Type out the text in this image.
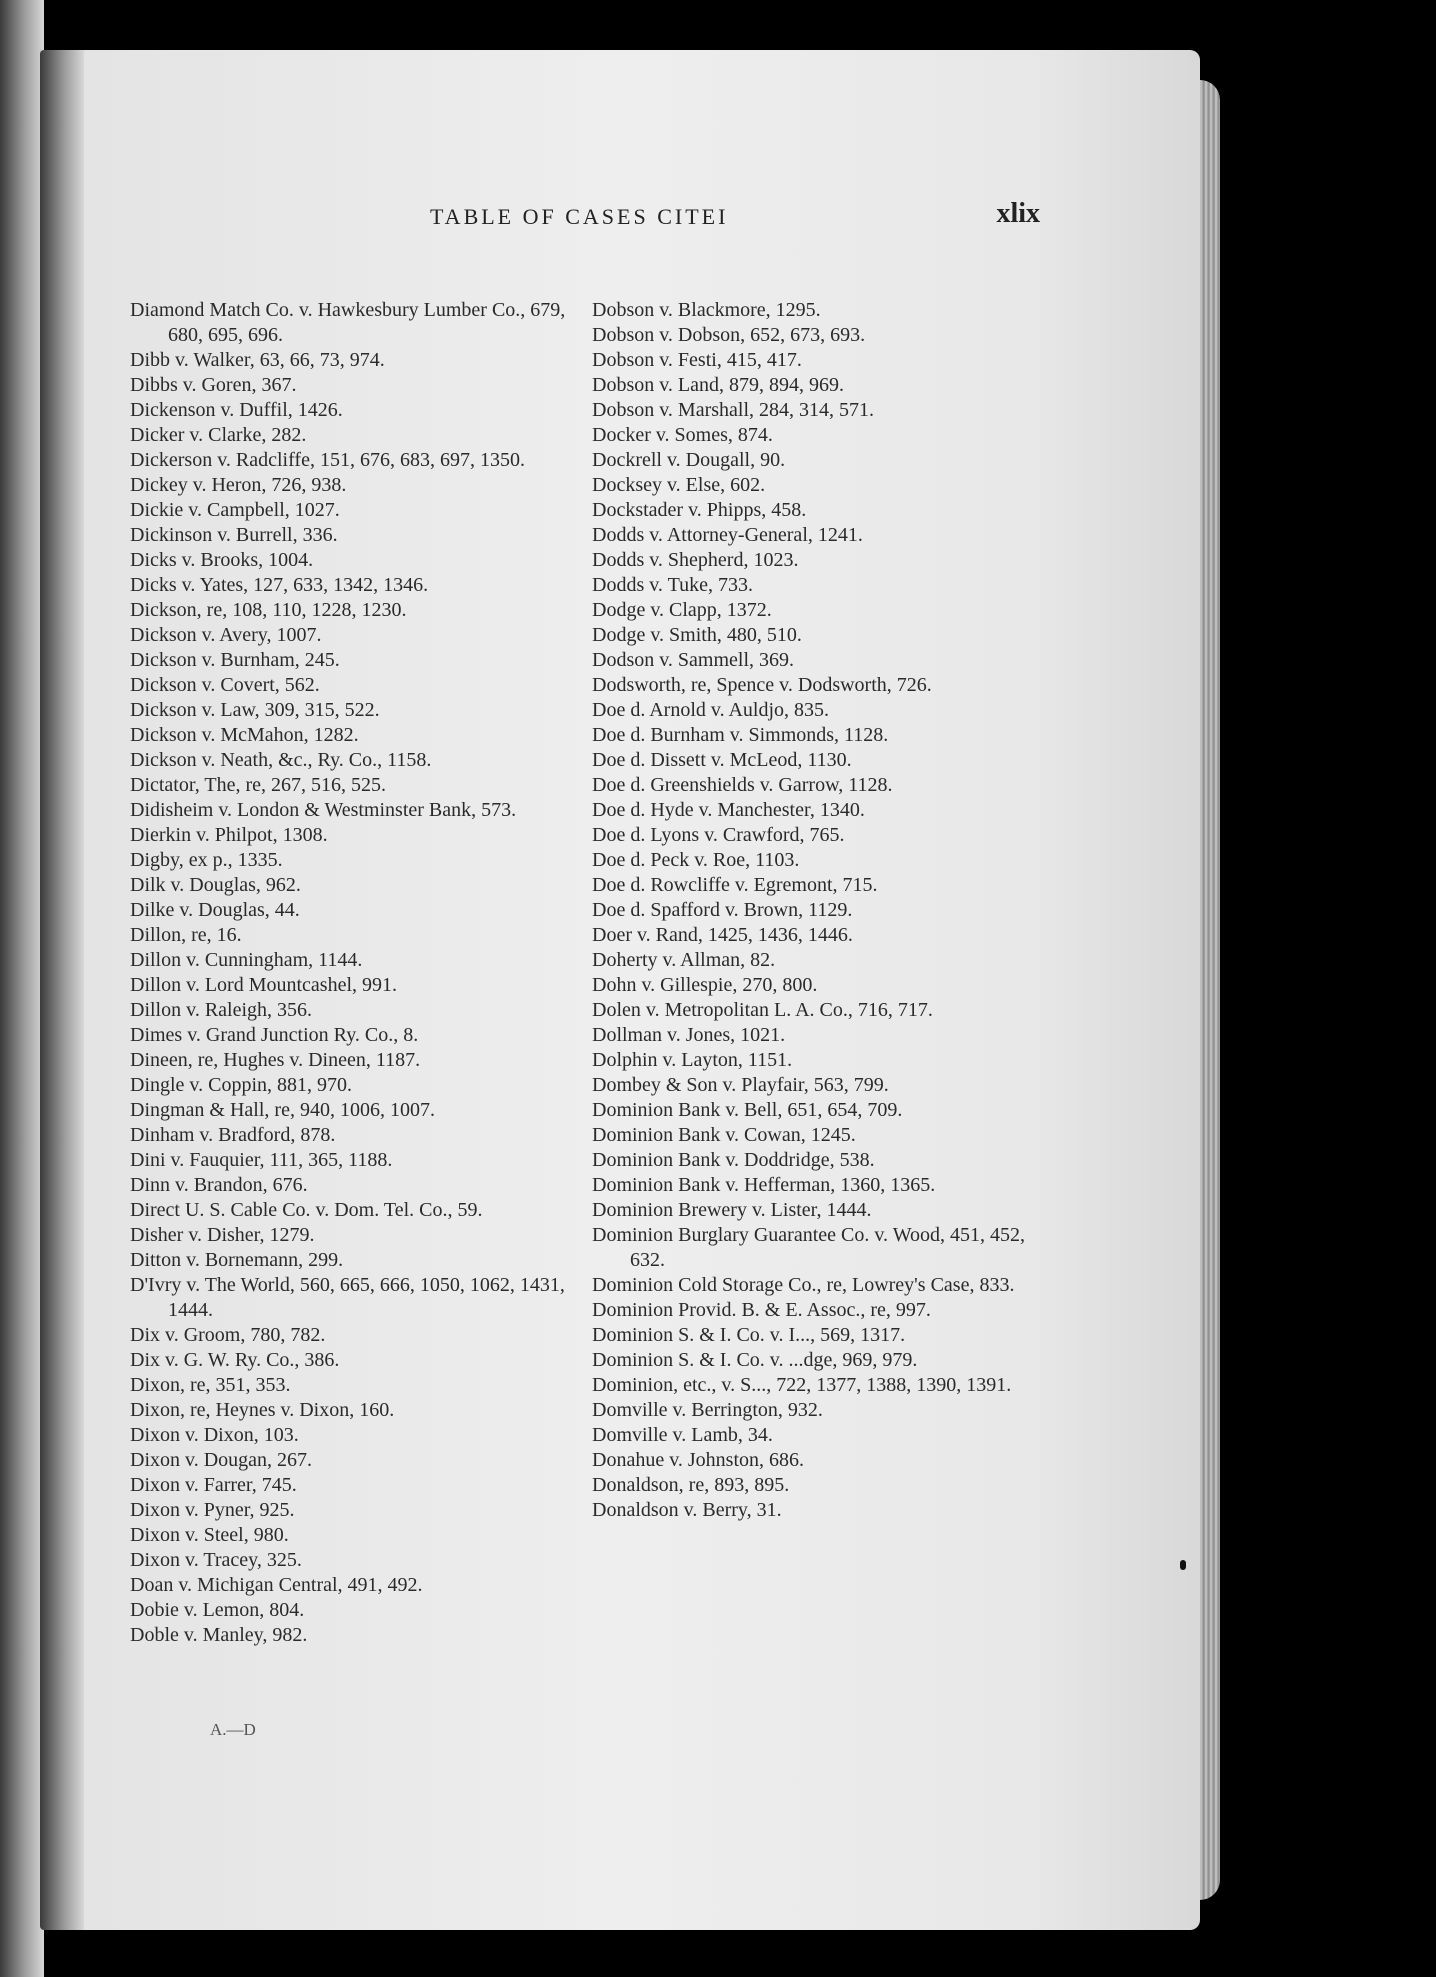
TABLE OF CASES CITEI	xlix
Diamond Match Co. v. Hawkesbury Lumber Co., 679, 680, 695, 696.
Dibb v. Walker, 63, 66, 73, 974.
Dibbs v. Goren, 367.
Dickenson v. Duffil, 1426.
Dicker v. Clarke, 282.
Dickerson v. Radcliffe, 151, 676, 683, 697, 1350.
Dickey v. Heron, 726, 938.
Dickie v. Campbell, 1027.
Dickinson v. Burrell, 336.
Dicks v. Brooks, 1004.
Dicks v. Yates, 127, 633, 1342, 1346.
Dickson, re, 108, 110, 1228, 1230.
Dickson v. Avery, 1007.
Dickson v. Burnham, 245.
Dickson v. Covert, 562.
Dickson v. Law, 309, 315, 522.
Dickson v. McMahon, 1282.
Dickson v. Neath, &c., Ry. Co., 1158.
Dictator, The, re, 267, 516, 525.
Didisheim v. London & Westminster Bank, 573.
Dierkin v. Philpot, 1308.
Digby, ex p., 1335.
Dilk v. Douglas, 962.
Dilke v. Douglas, 44.
Dillon, re, 16.
Dillon v. Cunningham, 1144.
Dillon v. Lord Mountcashel, 991.
Dillon v. Raleigh, 356.
Dimes v. Grand Junction Ry. Co., 8.
Dineen, re, Hughes v. Dineen, 1187.
Dingle v. Coppin, 881, 970.
Dingman & Hall, re, 940, 1006, 1007.
Dinham v. Bradford, 878.
Dini v. Fauquier, 111, 365, 1188.
Dinn v. Brandon, 676.
Direct U. S. Cable Co. v. Dom. Tel. Co., 59.
Disher v. Disher, 1279.
Ditton v. Bornemann, 299.
D'Ivry v. The World, 560, 665, 666, 1050, 1062, 1431, 1444.
Dix v. Groom, 780, 782.
Dix v. G. W. Ry. Co., 386.
Dixon, re, 351, 353.
Dixon, re, Heynes v. Dixon, 160.
Dixon v. Dixon, 103.
Dixon v. Dougan, 267.
Dixon v. Farrer, 745.
Dixon v. Pyner, 925.
Dixon v. Steel, 980.
Dixon v. Tracey, 325.
Doan v. Michigan Central, 491, 492.
Dobie v. Lemon, 804.
Doble v. Manley, 982.
Dobson v. Blackmore, 1295.
Dobson v. Dobson, 652, 673, 693.
Dobson v. Festi, 415, 417.
Dobson v. Land, 879, 894, 969.
Dobson v. Marshall, 284, 314, 571.
Docker v. Somes, 874.
Dockrell v. Dougall, 90.
Docksey v. Else, 602.
Dockstader v. Phipps, 458.
Dodds v. Attorney-General, 1241.
Dodds v. Shepherd, 1023.
Dodds v. Tuke, 733.
Dodge v. Clapp, 1372.
Dodge v. Smith, 480, 510.
Dodson v. Sammell, 369.
Dodsworth, re, Spence v. Dodsworth, 726.
Doe d. Arnold v. Auldjo, 835.
Doe d. Burnham v. Simmonds, 1128.
Doe d. Dissett v. McLeod, 1130.
Doe d. Greenshields v. Garrow, 1128.
Doe d. Hyde v. Manchester, 1340.
Doe d. Lyons v. Crawford, 765.
Doe d. Peck v. Roe, 1103.
Doe d. Rowcliffe v. Egremont, 715.
Doe d. Spafford v. Brown, 1129.
Doer v. Rand, 1425, 1436, 1446.
Doherty v. Allman, 82.
Dohn v. Gillespie, 270, 800.
Dolen v. Metropolitan L. A. Co., 716, 717.
Dollman v. Jones, 1021.
Dolphin v. Layton, 1151.
Dombey & Son v. Playfair, 563, 799.
Dominion Bank v. Bell, 651, 654, 709.
Dominion Bank v. Cowan, 1245.
Dominion Bank v. Doddridge, 538.
Dominion Bank v. Hefferman, 1360, 1365.
Dominion Brewery v. Lister, 1444.
Dominion Burglary Guarantee Co. v. Wood, 451, 452, 632.
Dominion Cold Storage Co., re, Lowrey's Case, 833.
Dominion Provid. B. & E. Assoc., re, 997.
Dominion S. & I. Co. v. I..., 569, 1317.
Dominion S. & I. Co. v. ...dge, 969, 979.
Dominion, etc., v. S..., 722, 1377, 1388, 1390, 1391.
Domville v. Berrington, 932.
Domville v. Lamb, 34.
Donahue v. Johnston, 686.
Donaldson, re, 893, 895.
Donaldson v. Berry, 31.
A.—D
